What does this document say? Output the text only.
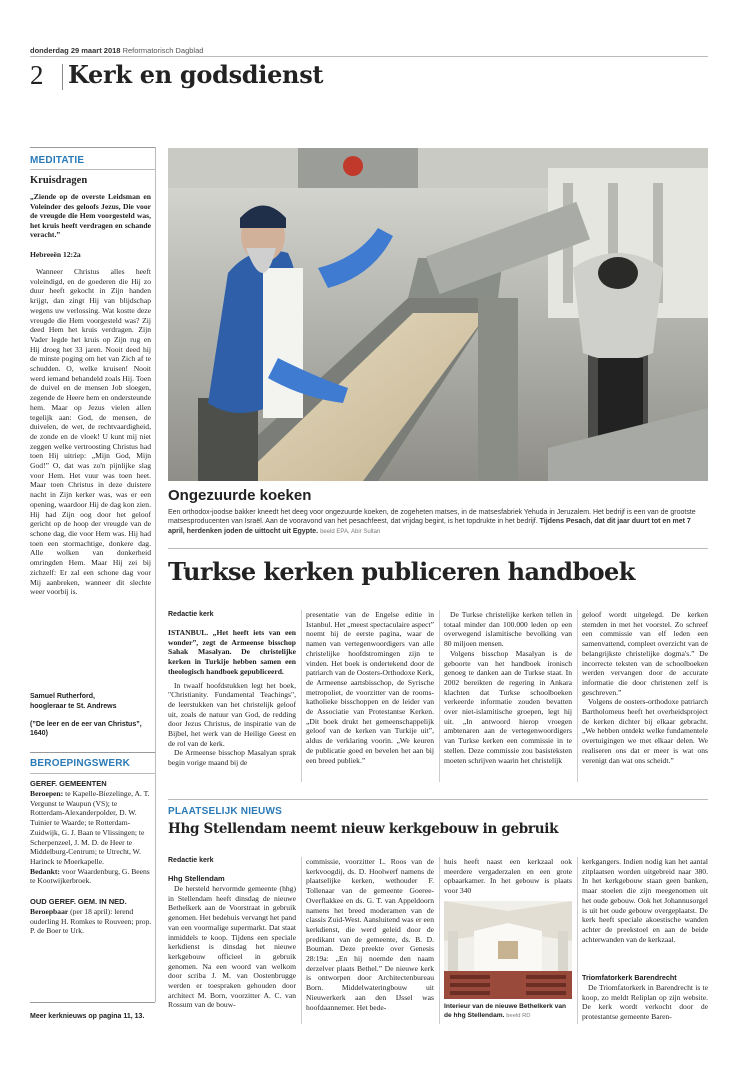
donderdag 29 maart 2018 Reformatorisch Dagblad
2 Kerk en godsdienst
MEDITATIE
Kruisdragen

„Ziende op de overste Leidsman en Voleinder des geloofs Jezus, Die voor de vreugde die Hem voorgesteld was, het kruis heeft verdragen en schande veracht.”

Hebreeën 12:2a

Wanneer Christus alles heeft voleindigd, en de goederen die Hij zo duur heeft gekocht in Zijn handen krijgt, dan zingt Hij van blijdschap wegens uw verlossing. Wat kostte deze vreugde die Hem voorgesteld was? Zij deed Hem het kruis verdragen. Zijn Vader legde het kruis op Zijn rug en Hij droeg het 33 jaren. Nooit deed hij de minste poging om het van Zich af te schudden. O, welke kruisen! Nooit werd iemand behandeld zoals Hij. Toen de duivel en de mensen Job sloegen, zegende de Heere hem en ondersteunde hem. Maar op Jezus vielen allen tegelijk aan: God, de mensen, de duivelen, de wet, de rechtvaardigheid, de zonde en de vloek! U kunt mij niet zeggen welke vertroosting Christus had toen Hij uitriep: „Mijn God, Mijn God!” O, dat was zo'n pijnlijke slag voor Hem. Het vuur was toen heet. Maar toen Christus in deze duistere nacht in Zijn kerker was, was er een opening, waardoor Hij de dag kon zien. Hij had Zijn oog door het geloof gericht op de hoop der vreugde van de schone dag, die voor Hem was. Hij had toen een stormachtige, donkere dag. Alle wolken van donkerheid omringden Hem. Maar Hij zei bij zichzelf: Er zal een schone dag voor Mij aanbreken, wanneer dit slechte weer voorbij is.

Samuel Rutherford,
hoogleraar te St. Andrews
(”De leer en de eer van Christus”, 1640)
BEROEPINGSWERK
GEREF. GEMEENTEN

Beroepen: te Kapelle-Biezelinge, A. T. Vergunst te Waupun (VS); te Rotterdam-Alexanderpolder, D. W. Tuinier te Waarde; te Rotterdam-Zuidwijk, G. J. Baan te Vlissingen; te Scherpenzeel, J. M. D. de Heer te Middelburg-Centrum; te Utrecht, W. Harinck te Moerkapelle.

Bedankt: voor Waardenburg, G. Beens te Kootwijkerbroek.

OUD GEREF. GEM. IN NED.

Beroepbaar (per 18 april): lerend ouderling H. Romkes te Rouveen; prop. P. de Boer te Urk.

Meer kerknieuws op pagina 11, 13.
Ongezuurde koeken
Een orthodox-joodse bakker kneedt het deeg voor ongezuurde koeken, de zogeheten matses, in de matsesfabriek Yehuda in Jeruzalem. Het bedrijf is een van de grootste matsesproducenten van Israël. Aan de vooravond van het pesachfeest, dat vrijdag begint, is het topdrukte in het bedrijf. Tijdens Pesach, dat dit jaar duurt tot en met 7 april, herdenken joden de uittocht uit Egypte. beeld EPA, Abir Sultan
Turkse kerken publiceren handboek
Redactie kerk

ISTANBUL. „Het heeft iets van een wonder”, zegt de Armeense bisschop Sahak Masalyan. De christelijke kerken in Turkije hebben samen een theologisch handboek gepubliceerd.

In twaalf hoofdstukken legt het boek, "Christianity. Fundamental Teachings", de leerstukken van het christelijk geloof uit, zoals de natuur van God, de redding door Jezus Christus, de inspiratie van de Bijbel, het werk van de Heilige Geest en de rol van de kerk.

De Armeense bisschop Masalyan sprak begin vorige maand bij de

presentatie van de Engelse editie in Istanbul. Het „meest spectaculaire aspect” noemt hij de eerste pagina, waar de namen van vertegenwoordigers van alle christelijke hoofdstromingen zijn te vinden. Het boek is ondertekend door de patriarch van de Oosters-Orthodoxe Kerk, de Armeense aartsbisschop, de Syrische metropoliet, de voorzitter van de rooms-katholieke bisschoppen en de leider van de Associatie van Protestantse Kerken. „Dit boek drukt het gemeenschappelijk geloof van de kerken van Turkije uit”, aldus de verklaring voorin. „We keuren de publicatie goed en bevelen het aan bij een breed publiek.”

De Turkse christelijke kerken tellen in totaal minder dan 100.000 leden op een overwegend islamitische bevolking van 80 miljoen mensen.

Volgens bisschop Masalyan is de geboorte van het handboek ironisch genoeg te danken aan de Turkse staat. In 2002 bereikten de regering in Ankara klachten dat Turkse schoolboeken verkeerde informatie zouden bevatten over niet-islamitische groepen, legt hij uit. „In antwoord hierop vroegen ambtenaren aan de vertegenwoordigers van Turkse kerken een commissie in te stellen. Deze commissie zou basisteksten moeten schrijven waarin het christelijk

geloof wordt uitgelegd. De kerken stemden in met het voorstel. Zo schreef een commissie van elf leden een samenvattend, compleet overzicht van de belangrijkste christelijke dogma's.” De incorrecte teksten van de schoolboeken werden vervangen door de accurate informatie die door christenen zelf is geschreven.”

Volgens de oosters-orthodoxe patriarch Bartholomeus heeft het overheidsproject de kerken dichter bij elkaar gebracht. „We hebben ontdekt welke fundamentele overtuigingen we met elkaar delen. We realiseren ons dat er meer is wat ons verenigt dan wat ons scheidt.”

PLAATSELIJK NIEUWS
Hhg Stellendam neemt nieuw kerkgebouw in gebruik
Redactie kerk
Hhg Stellendam

De hersteld hervormde gemeente (hhg) in Stellendam heeft dinsdag de nieuwe Bethelkerk aan de Voorstraat in gebruik genomen. Het bedehuis vervangt het pand van een voormalige supermarkt. Dat staat inmiddels te koop. Tijdens een speciale kerkdienst is dinsdag het nieuwe kerkgebouw officieel in gebruik genomen. Na een woord van welkom door scriba J. M. van Oostenbrugge werden er toespraken gehouden door architect M. Born, voorzitter A. C. van Rossum van de bouw-

commissie, voorzitter L. Roos van de kerkvoogdij, ds. D. Hoolwerf namens de plaatselijke kerken, wethouder F. Tollenaar van de gemeente Goeree-Overflakkee en ds. G. T. van Appeldoorn namens het breed moderamen van de classis Zuid-West. Aansluitend was er een kerkdienst, die werd geleid door de predikant van de gemeente, ds. B. D. Bouman. Deze preekte over Genesis 28:19a: „En hij noemde den naam derzelver plaats Bethel.” De nieuwe kerk is ontworpen door Architectenbureau Born. Middelwateringbouw uit Nieuwerkerk aan den IJssel was hoofdaannemer. Het bede-

huis heeft naast een kerkzaal ook meerdere vergaderzalen en een grote opbaarkamer. In het gebouw is plaats voor 340

Interieur van de nieuwe Bethelkerk van de hhg Stellendam. beeld RD

kerkgangers. Indien nodig kan het aantal zitplaatsen worden uitgebreid naar 380. In het kerkgebouw staan geen banken, maar stoelen die zijn meegenomen uit het oude gebouw. Ook het Johannusorgel is uit het oude gebouw overgeplaatst. De kerk heeft speciale akoestische wanden achter de preekstoel en aan de beide achterwanden van de kerkzaal.

Triomfatorkerk Barendrecht

De Triomfatorkerk in Barendrecht is te koop, zo meldt Reliplan op zijn website. De kerk wordt verkocht door de protestantse gemeente Baren-
